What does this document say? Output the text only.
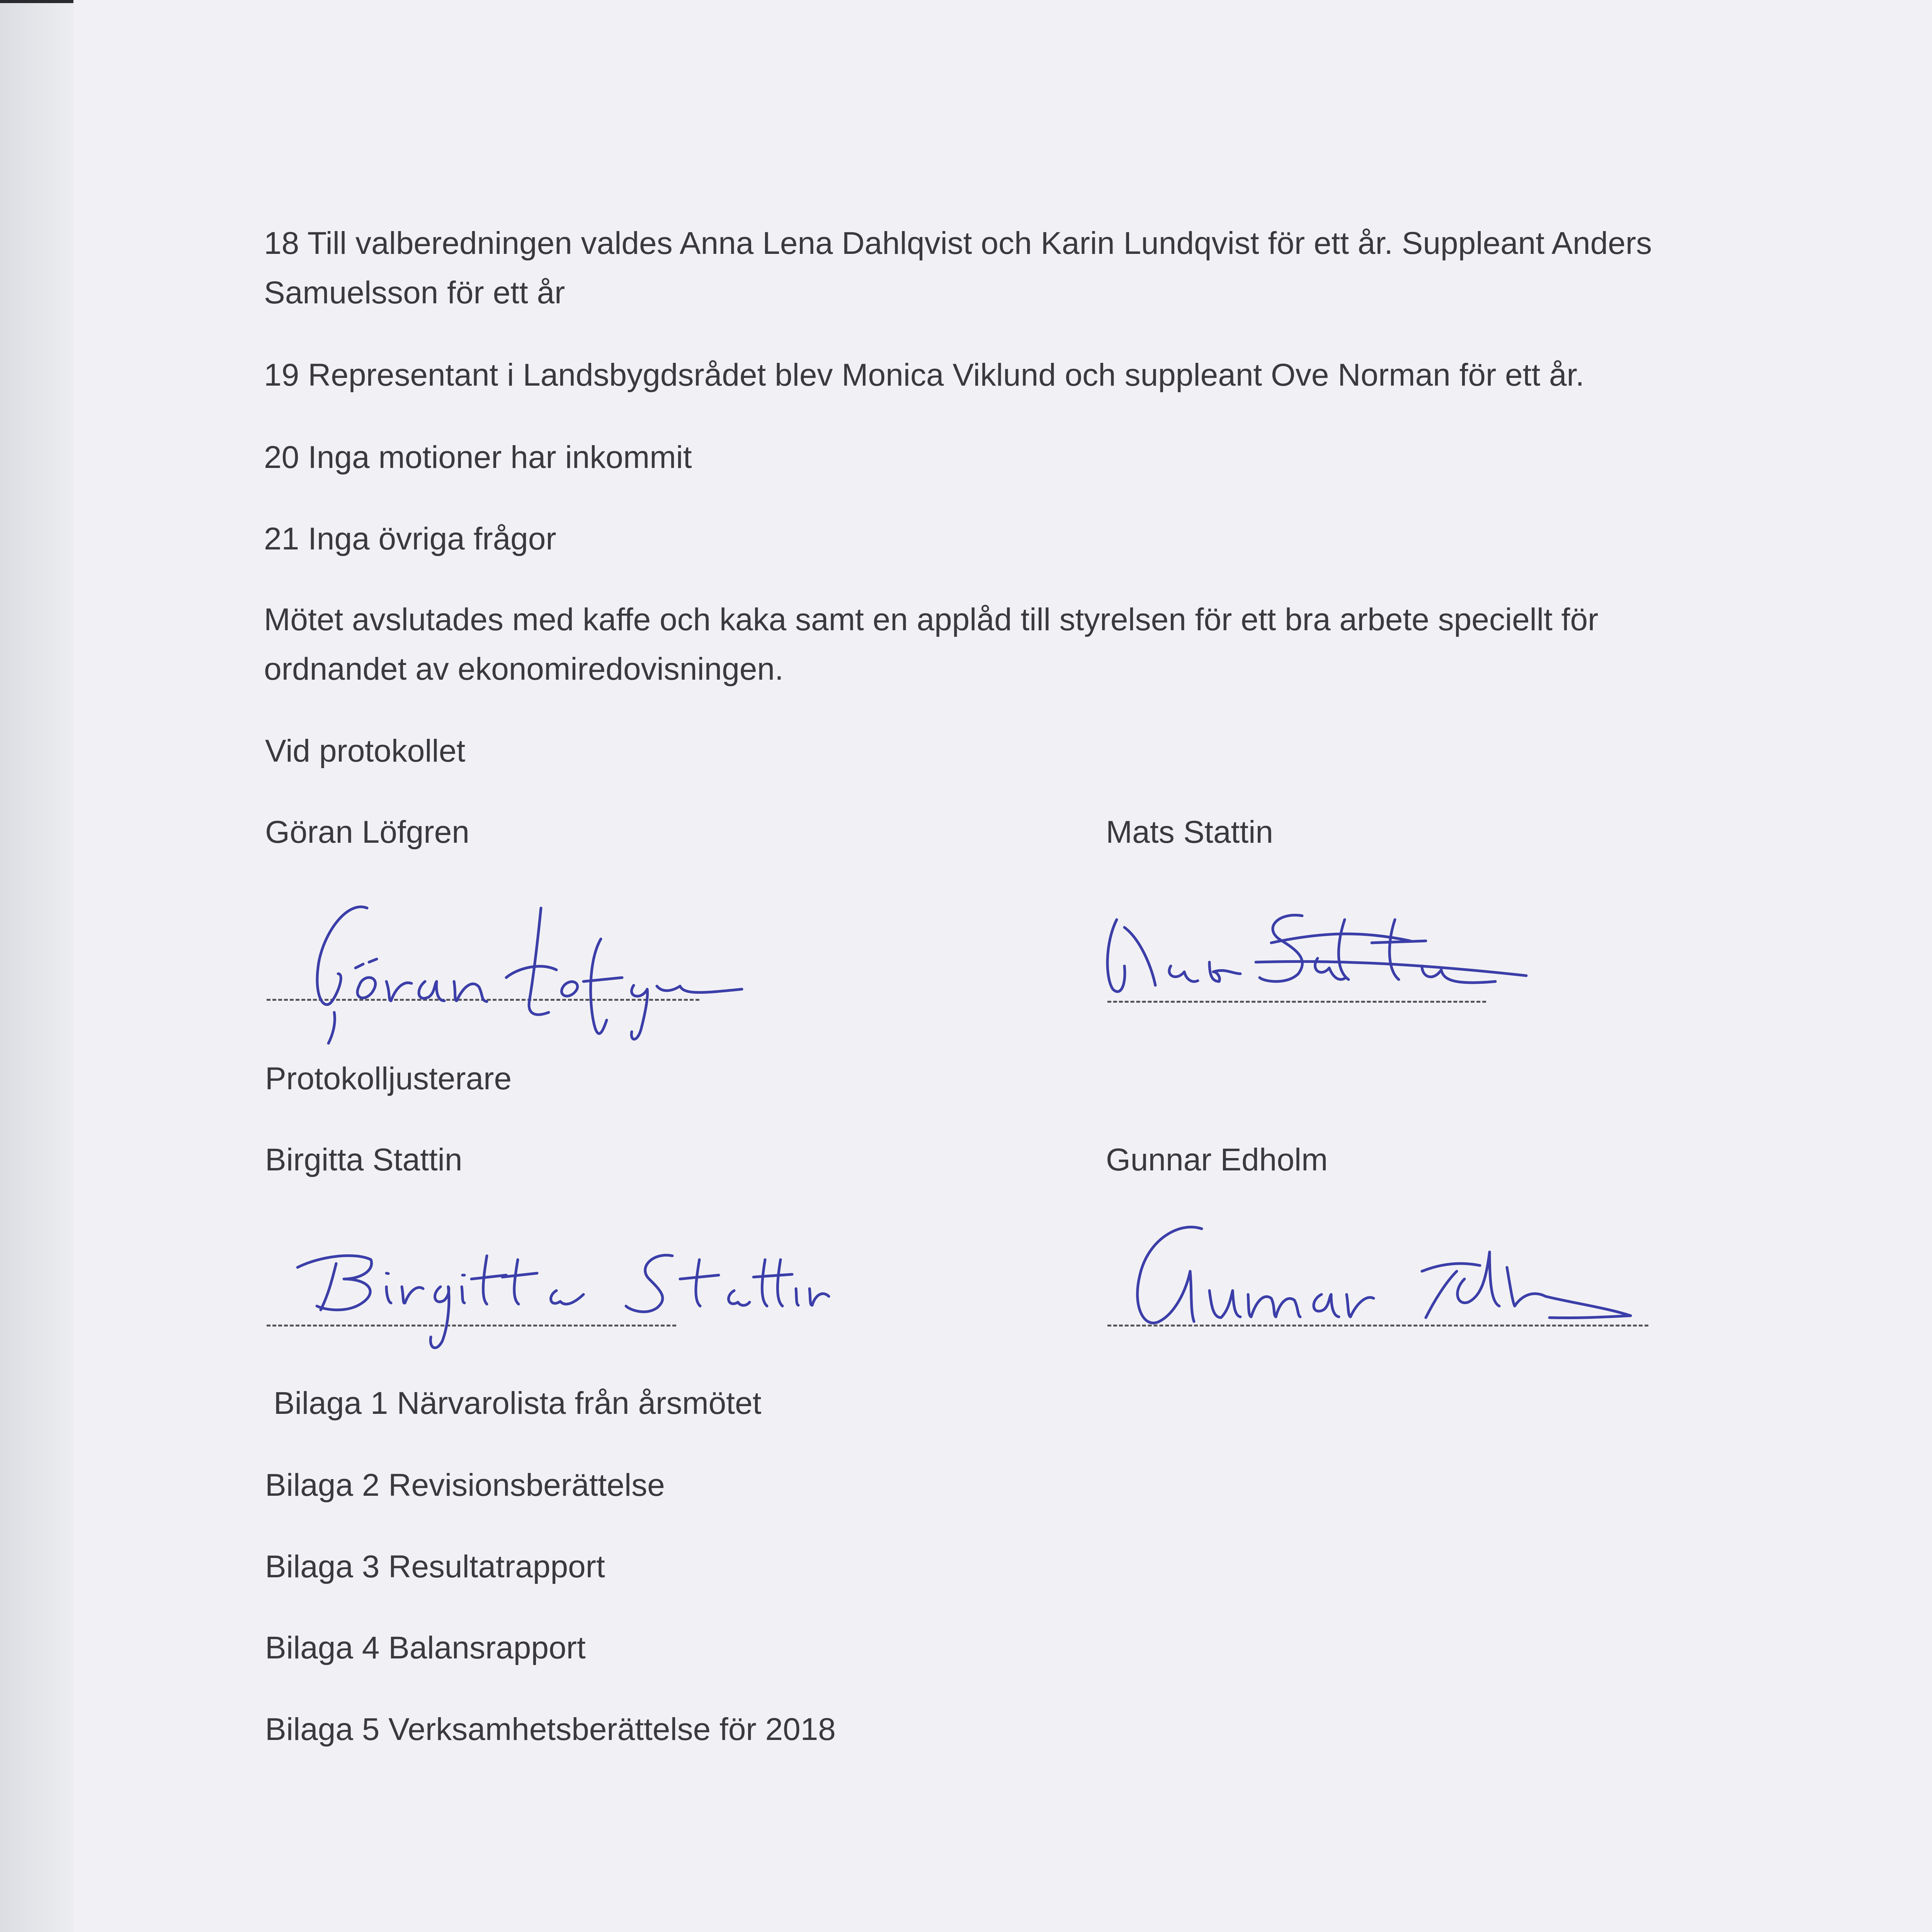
18 Till valberedningen valdes Anna Lena Dahlqvist och Karin Lundqvist för ett år. Suppleant Anders
Samuelsson för ett år
19 Representant i Landsbygdsrådet blev Monica Viklund och suppleant Ove Norman för ett år.
20 Inga motioner har inkommit
21 Inga övriga frågor
Mötet avslutades med kaffe och kaka samt en applåd till styrelsen för ett bra arbete speciellt för
ordnandet av ekonomiredovisningen.
Vid protokollet
Göran Löfgren	Mats Stattin
Protokolljusterare
Birgitta Stattin	Gunnar Edholm
Bilaga 1 Närvarolista från årsmötet
Bilaga 2 Revisionsberättelse
Bilaga 3 Resultatrapport
Bilaga 4 Balansrapport
Bilaga 5 Verksamhetsberättelse för 2018
